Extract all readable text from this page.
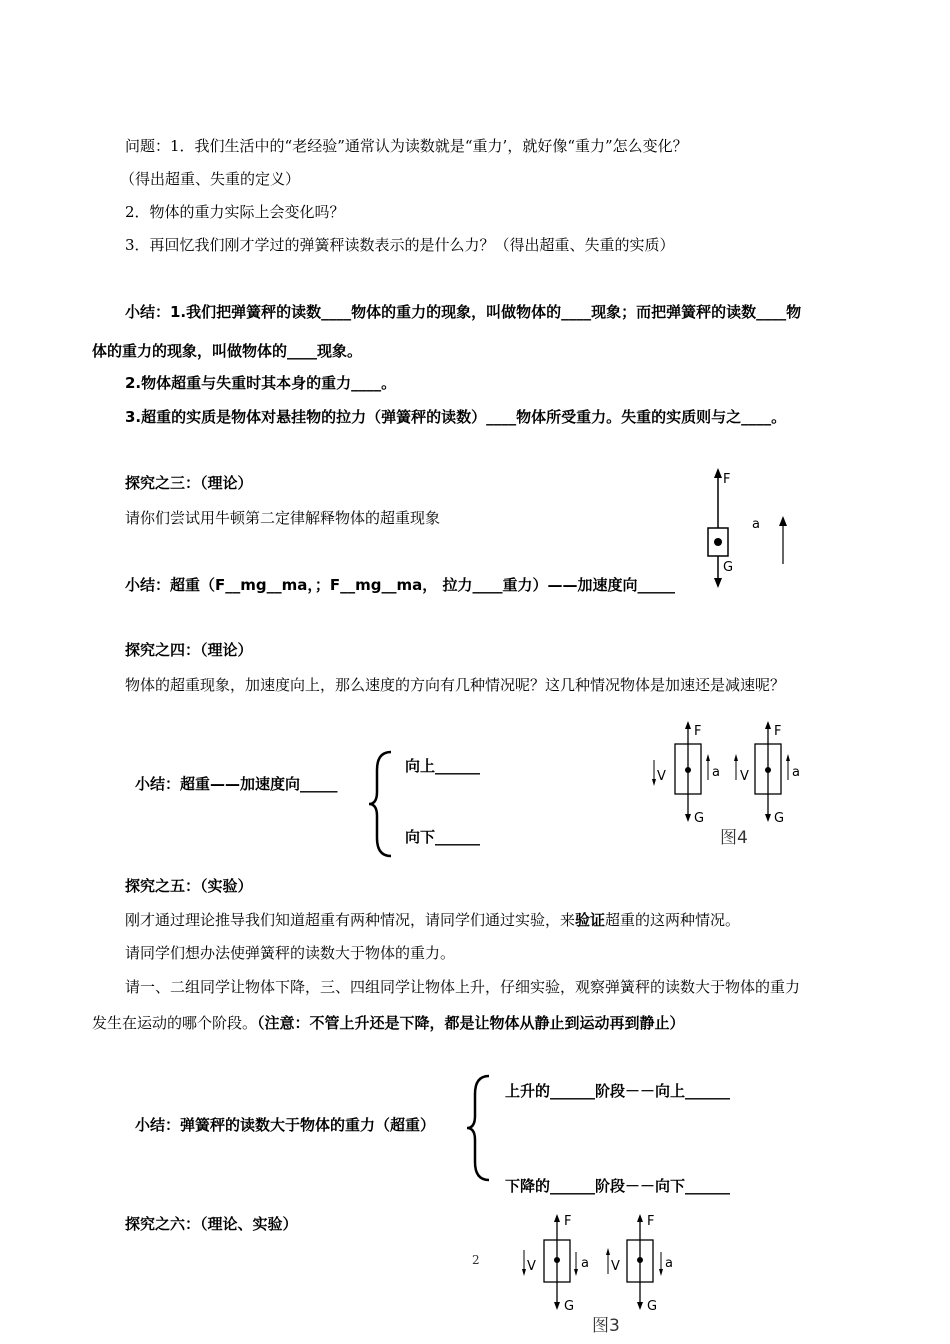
问题：1．我们生活中的“老经验”通常认为读数就是“重力’，就好像“重力”怎么变化？
（得出超重、失重的定义）
2．物体的重力实际上会变化吗？
3．再回忆我们刚才学过的弹簧秤读数表示的是什么力？（得出超重、失重的实质）
小结：1.我们把弹簧秤的读数____物体的重力的现象，叫做物体的____现象；而把弹簧秤的读数____物
体的重力的现象，叫做物体的____现象。
2.物体超重与失重时其本身的重力____。
3.超重的实质是物体对悬挂物的拉力（弹簧秤的读数）____物体所受重力。失重的实质则与之____。
探究之三：（理论）
请你们尝试用牛顿第二定律解释物体的超重现象
小结：超重（F__mg__ma，；F__mg__ma， 拉力____重力）——加速度向_____
F
G
a
探究之四：（理论）
物体的超重现象，加速度向上，那么速度的方向有几种情况呢？这几种情况物体是加速还是减速呢？
小结：超重——加速度向_____
向上______
向下______
F
G
V	a
F
G
V	a
图4
探究之五：（实验）
刚才通过理论推导我们知道超重有两种情况，请同学们通过实验，来验证超重的这两种情况。
请同学们想办法使弹簧秤的读数大于物体的重力。
请一、二组同学让物体下降，三、四组同学让物体上升，仔细实验，观察弹簧秤的读数大于物体的重力
发生在运动的哪个阶段。（注意：不管上升还是下降，都是让物体从静止到运动再到静止）
小结：弹簧秤的读数大于物体的重力（超重）
上升的______阶段－－向上______
下降的______阶段－－向下______
探究之六：（理论、实验）
2
F
G
V	a
F
G
V	a
图3
